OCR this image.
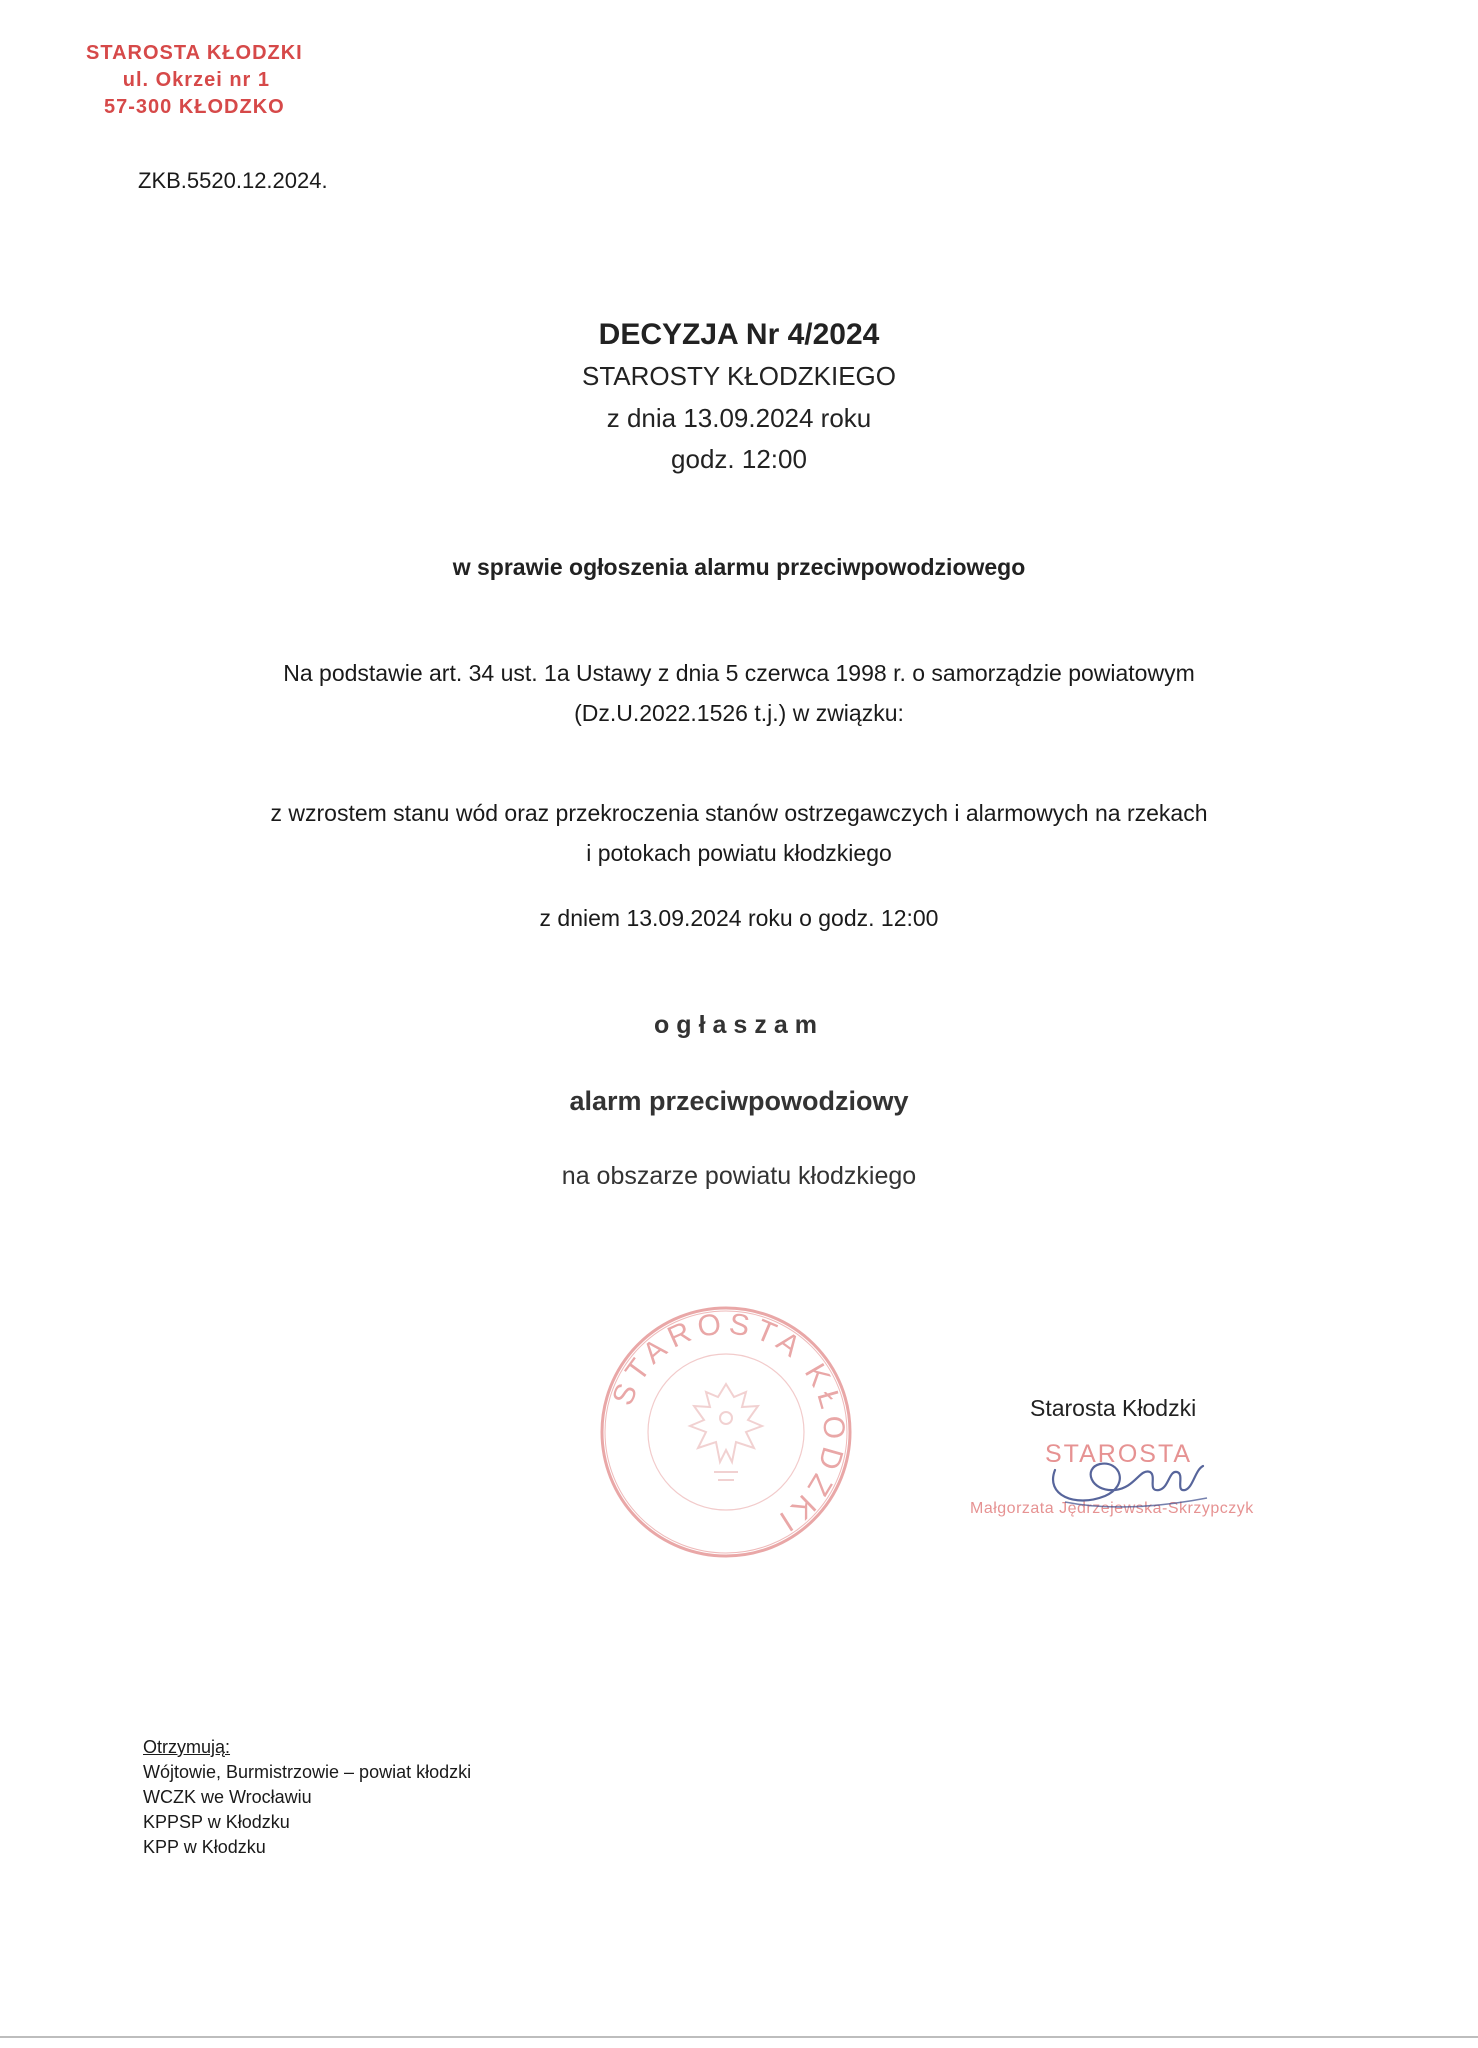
STAROSTA KŁODZKI
ul. Okrzei nr 1
57-300 KŁODZKO
ZKB.5520.12.2024.
DECYZJA Nr 4/2024
STAROSTY KŁODZKIEGO
z dnia 13.09.2024 roku
godz. 12:00
w sprawie ogłoszenia alarmu przeciwpowodziowego
Na podstawie art. 34 ust. 1a Ustawy z dnia 5 czerwca 1998 r. o samorządzie powiatowym
(Dz.U.2022.1526 t.j.) w związku:
z wzrostem stanu wód oraz przekroczenia stanów ostrzegawczych i alarmowych na rzekach
i potokach powiatu kłodzkiego
z dniem 13.09.2024 roku o godz. 12:00
ogłaszam
alarm przeciwpowodziowy
na obszarze powiatu kłodzkiego
STAROSTA KŁODZKI
Starosta Kłodzki
STAROSTA
Małgorzata Jędrzejewska-Skrzypczyk
Otrzymują:
Wójtowie, Burmistrzowie – powiat kłodzki
WCZK we Wrocławiu
KPPSP w Kłodzku
KPP w Kłodzku
